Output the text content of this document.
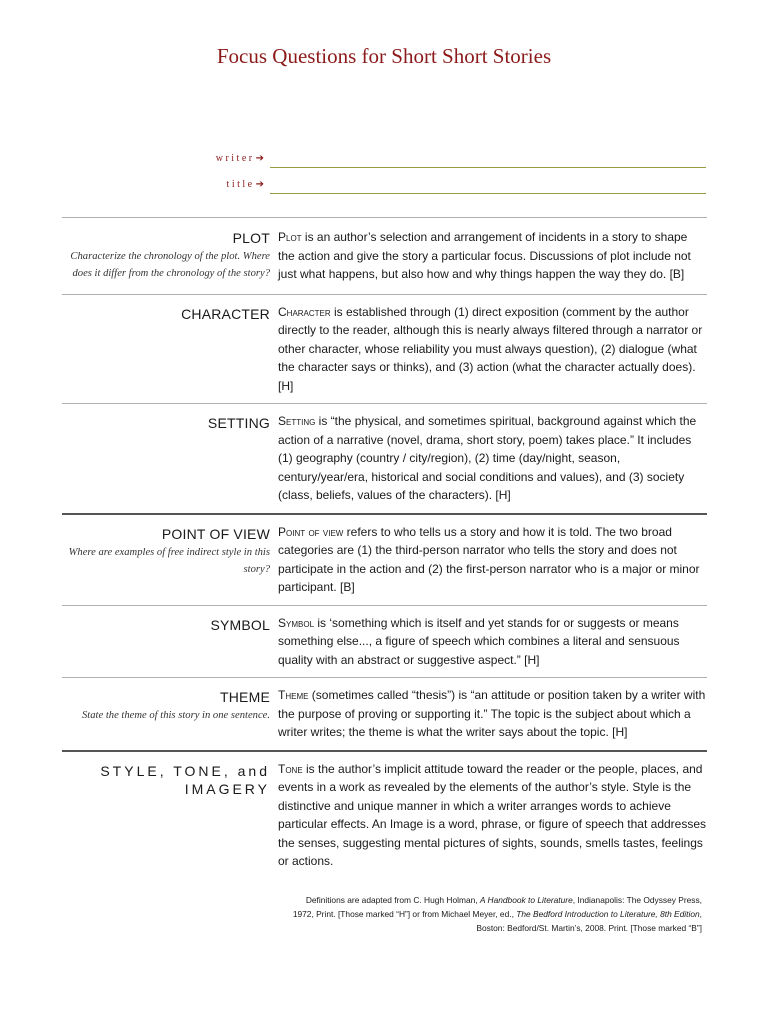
Focus Questions for Short Short Stories
writer➔
title➔
PLOT
Characterize the chronology of the plot. Where does it differ from the chronology of the story?
Plot is an author’s selection and arrangement of incidents in a story to shape the action and give the story a particular focus. Discussions of plot include not just what happens, but also how and why things happen the way they do. [B]
CHARACTER Character is established through (1) direct exposition (comment by the author directly to the reader, although this is nearly always filtered through a narrator or other character, whose reliability you must always question), (2) dialogue (what the character says or thinks), and (3) action (what the character actually does). [H]
SETTING Setting is “the physical, and sometimes spiritual, background against which the action of a narrative (novel, drama, short story, poem) takes place.” It includes (1) geography (country / city/region), (2) time (day/night, season, century/year/era, historical and social conditions and values), and (3) society (class, beliefs, values of the characters). [H]
POINT OF VIEW
Where are examples of free indirect style in this story?
Point of view refers to who tells us a story and how it is told. The two broad categories are (1) the third-person narrator who tells the story and does not participate in the action and (2) the first-person narrator who is a major or minor participant. [B]
SYMBOL Symbol is ‘something which is itself and yet stands for or suggests or means something else..., a figure of speech which combines a literal and sensuous quality with an abstract or suggestive aspect.” [H]
THEME
State the theme of this story in one sentence.
Theme (sometimes called “thesis”) is “an attitude or position taken by a writer with the purpose of proving or supporting it.” The topic is the subject about which a writer writes; the theme is what the writer says about the topic. [H]
STYLE, TONE, and IMAGERY
Tone is the author’s implicit attitude toward the reader or the people, places, and events in a work as revealed by the elements of the author’s style. Style is the distinctive and unique manner in which a writer arranges words to achieve particular effects. An Image is a word, phrase, or figure of speech that addresses the senses, suggesting mental pictures of sights, sounds, smells tastes, feelings or actions.
Definitions are adapted from C. Hugh Holman, A Handbook to Literature, Indianapolis: The Odyssey Press, 1972, Print. [Those marked “H”] or from Michael Meyer, ed., The Bedford Introduction to Literature, 8th Edition, Boston: Bedford/St. Martin’s, 2008. Print. [Those marked “B”]
